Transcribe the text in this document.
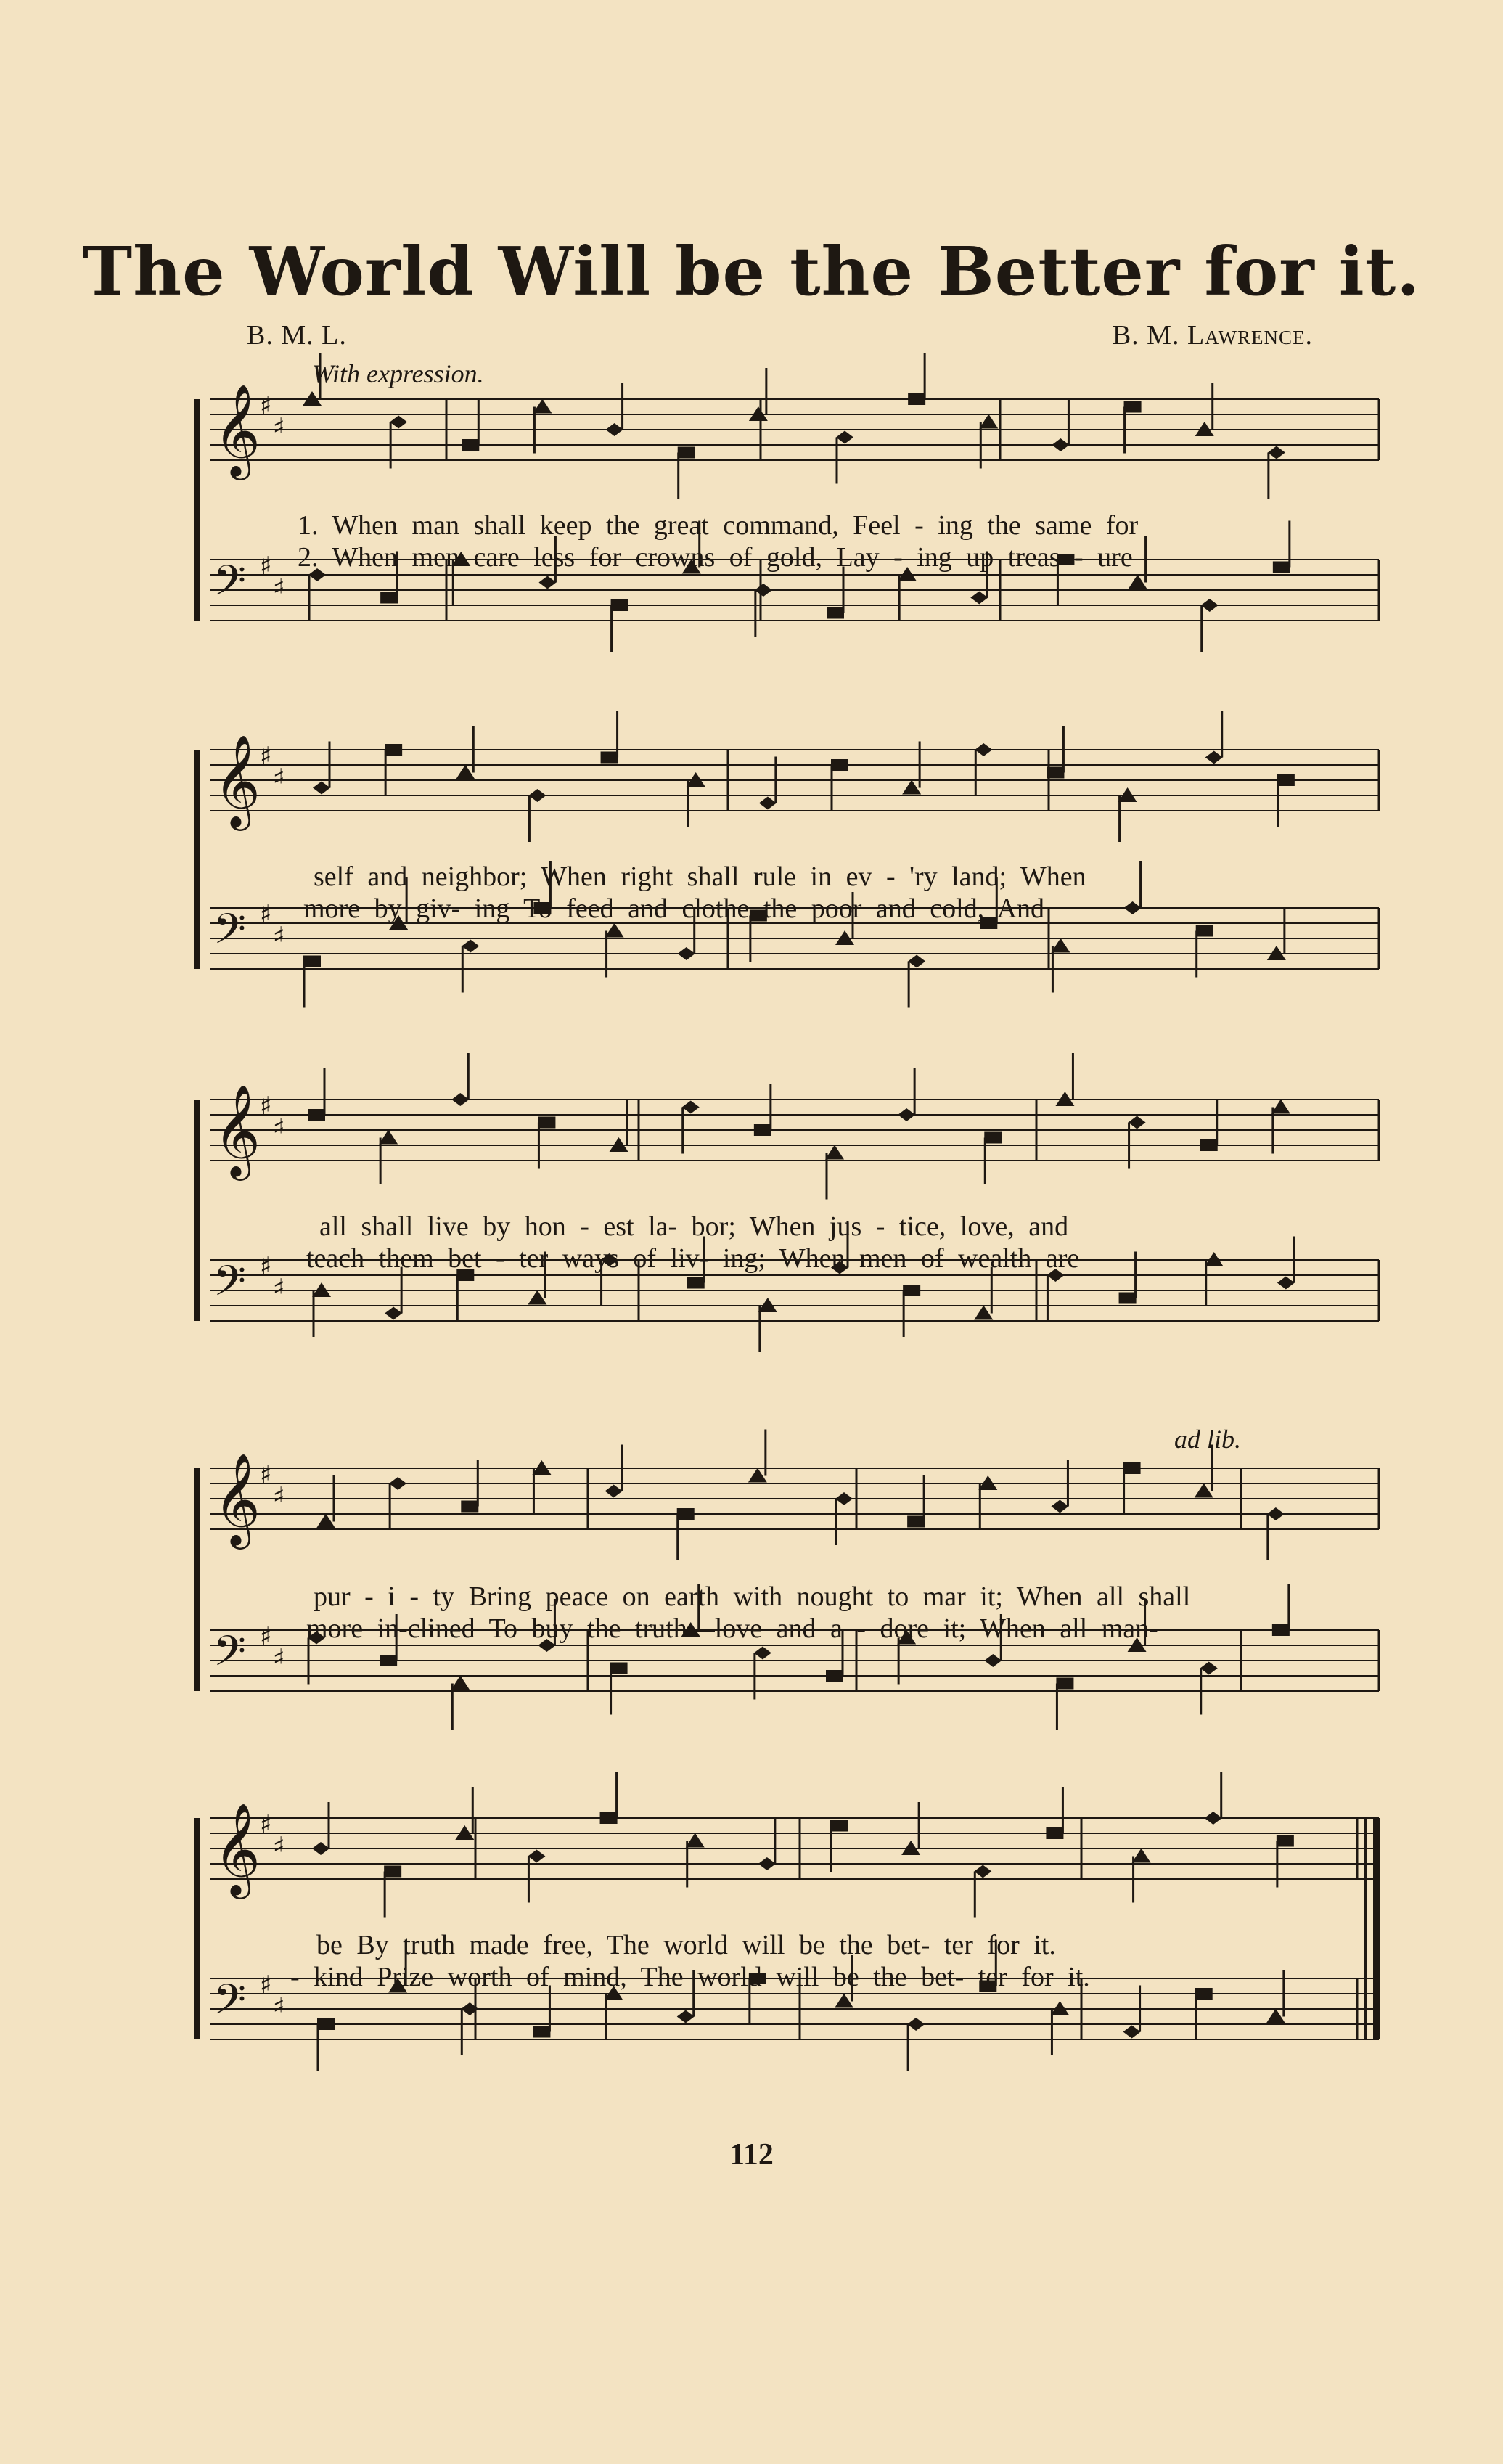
The World Will be the Better for it.
B. M. L.	B. M. Lawrence.
With expression.
ad lib.
𝄞
♯
♯
𝄢 ♯
♯
𝄞
♯
♯
𝄢 ♯
♯
𝄞
♯
♯
𝄢 ♯
♯
𝄞
♯
♯
𝄢 ♯
♯
𝄞
♯
♯
𝄢 ♯
♯
1. When man shall keep the great command, Feel - ing the same for
2. When men care less for crowns of gold, Lay - ing up treas - ure
self and neighbor; When right shall rule in ev - 'ry land; When
more by giv- ing To feed and clothe the poor and cold, And
all shall live by hon - est la- bor; When jus - tice, love, and
teach them bet - ter ways of liv- ing; When men of wealth are
pur - i - ty Bring peace on earth with nought to mar it; When all shall
more in-clined To buy the truth—love and a - dore it; When all man-
be By truth made free, The world will be the bet- ter for it.
- kind Prize worth of mind, The world will be the bet- ter for it.
112
